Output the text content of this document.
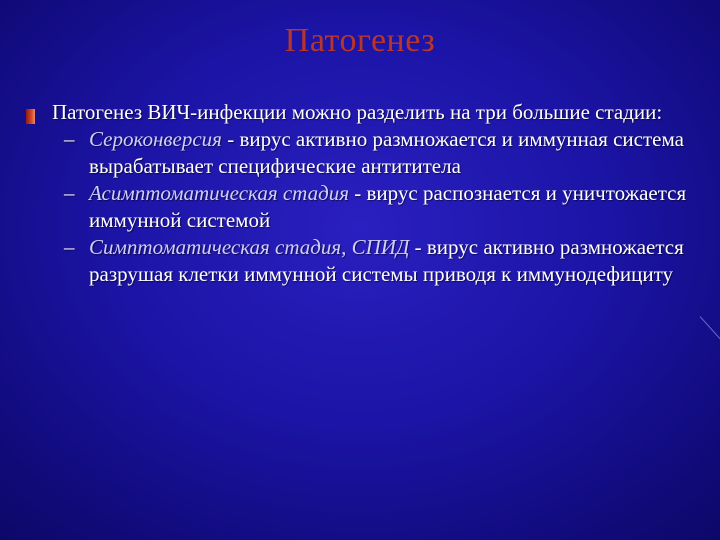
Патогенез

Патогенез ВИЧ-инфекции можно разделить на три большие стадии:

– Сероконверсия - вирус активно размножается и иммунная система вырабатывает специфические антититела

– Асимптоматическая стадия - вирус распознается и уничтожается иммунной системой

– Симптоматическая стадия, СПИД - вирус активно размножается разрушая клетки иммунной системы приводя к иммунодефициту
